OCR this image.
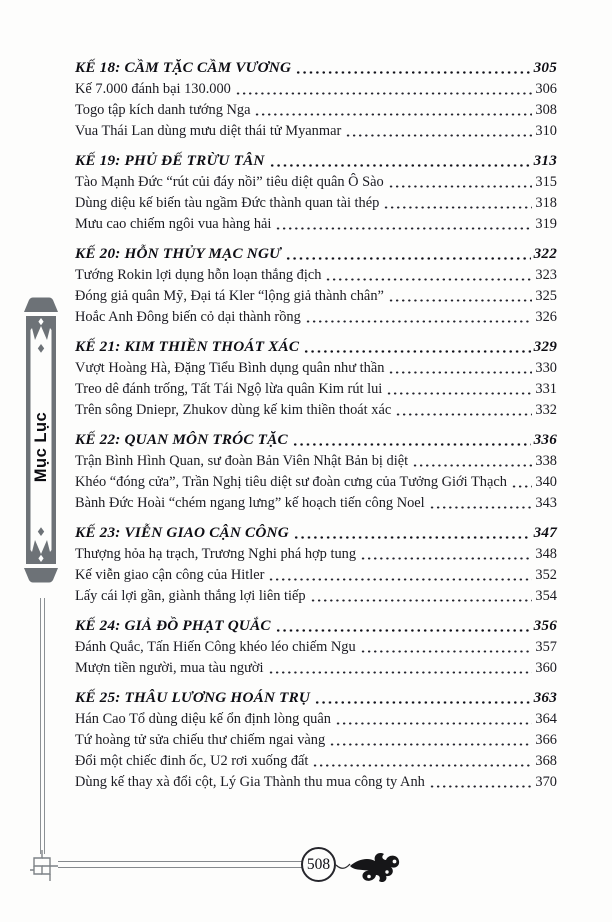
Mục Lục
KẾ 18: CẦM TẶC CẦM VƯƠNG	305
Kế 7.000 đánh bại 130.000	306
Togo tập kích danh tướng Nga	308
Vua Thái Lan dùng mưu diệt thái tử Myanmar	310
KẾ 19: PHỦ ĐẾ TRỪU TÂN	313
Tào Mạnh Đức “rút củi đáy nồi” tiêu diệt quân Ô Sào	315
Dùng diệu kế biến tàu ngầm Đức thành quan tài thép	318
Mưu cao chiếm ngôi vua hàng hải	319
KẾ 20: HỖN THỦY MẠC NGƯ	322
Tướng Rokin lợi dụng hỗn loạn thắng địch	323
Đóng giả quân Mỹ, Đại tá Kler “lộng giả thành chân”	325
Hoắc Anh Đông biến cỏ dại thành rồng	326
KẾ 21: KIM THIỀN THOÁT XÁC	329
Vượt Hoàng Hà, Đặng Tiểu Bình dụng quân như thần	330
Treo dê đánh trống, Tất Tái Ngộ lừa quân Kim rút lui	331
Trên sông Dniepr, Zhukov dùng kế kim thiền thoát xác	332
KẾ 22: QUAN MÔN TRÓC TẶC	336
Trận Bình Hình Quan, sư đoàn Bản Viên Nhật Bản bị diệt	338
Khéo “đóng cửa”, Trần Nghị tiêu diệt sư đoàn cưng của Tưởng Giới Thạch 340
Bành Đức Hoài “chém ngang lưng” kế hoạch tiến công Noel	343
KẾ 23: VIỄN GIAO CẬN CÔNG	347
Thượng hỏa hạ trạch, Trương Nghi phá hợp tung	348
Kế viễn giao cận công của Hitler	352
Lấy cái lợi gần, giành thắng lợi liên tiếp	354
KẾ 24: GIẢ ĐỒ PHẠT QUẮC	356
Đánh Quắc, Tấn Hiến Công khéo léo chiếm Ngu	357
Mượn tiền người, mua tàu người	360
KẾ 25: THÂU LƯƠNG HOÁN TRỤ	363
Hán Cao Tổ dùng diệu kế ổn định lòng quân	364
Tứ hoàng tử sửa chiếu thư chiếm ngai vàng	366
Đổi một chiếc đinh ốc, U2 rơi xuống đất	368
Dùng kế thay xà đổi cột, Lý Gia Thành thu mua công ty Anh	370
508
